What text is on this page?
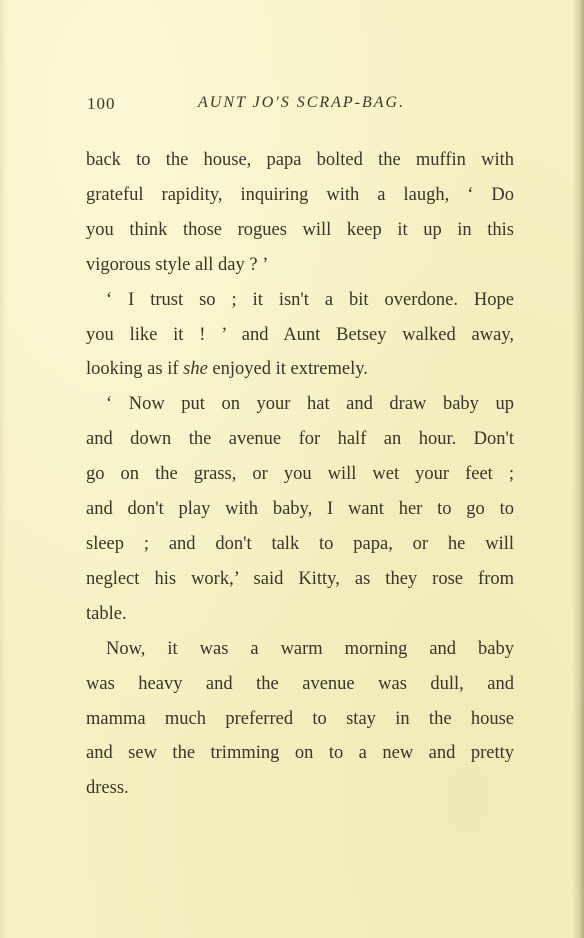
100	AUNT JO'S SCRAP-BAG.
back to the house, papa bolted the muffin with
grateful rapidity, inquiring with a laugh, ‘ Do
you think those rogues will keep it up in this
vigorous style all day ? ’
‘ I trust so ; it isn't a bit overdone. Hope
you like it ! ’ and Aunt Betsey walked away,
looking as if she enjoyed it extremely.
‘ Now put on your hat and draw baby up
and down the avenue for half an hour. Don't
go on the grass, or you will wet your feet ;
and don't play with baby, I want her to go to
sleep ; and don't talk to papa, or he will
neglect his work,’ said Kitty, as they rose from
table.
Now, it was a warm morning and baby
was heavy and the avenue was dull, and
mamma much preferred to stay in the house
and sew the trimming on to a new and pretty
dress.
